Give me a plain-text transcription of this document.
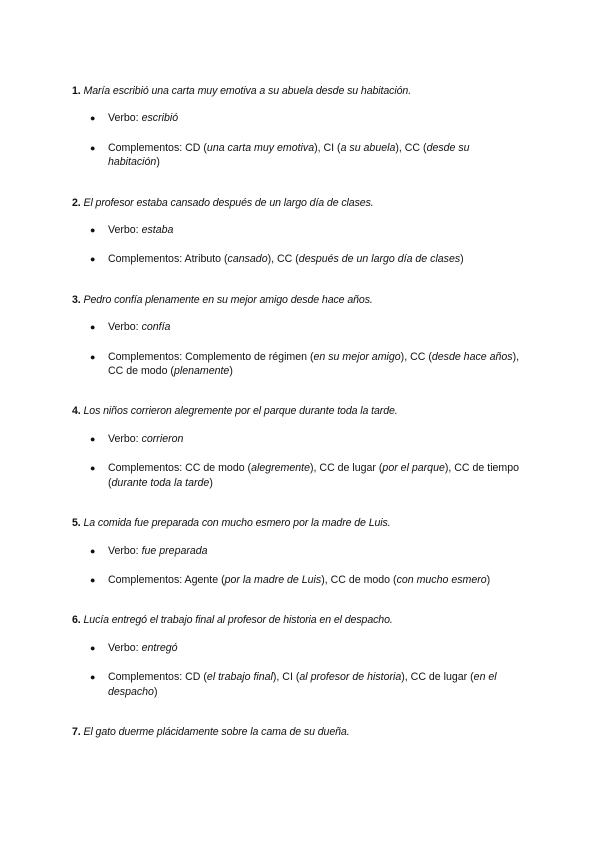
1. María escribió una carta muy emotiva a su abuela desde su habitación.

● Verbo: escribió
● Complementos: CD (una carta muy emotiva), CI (a su abuela), CC (desde su habitación)

2. El profesor estaba cansado después de un largo día de clases.

● Verbo: estaba
● Complementos: Atributo (cansado), CC (después de un largo día de clases)

3. Pedro confía plenamente en su mejor amigo desde hace años.

● Verbo: confía
● Complementos: Complemento de régimen (en su mejor amigo), CC (desde hace años), CC de modo (plenamente)

4. Los niños corrieron alegremente por el parque durante toda la tarde.

● Verbo: corrieron
● Complementos: CC de modo (alegremente), CC de lugar (por el parque), CC de tiempo (durante toda la tarde)

5. La comida fue preparada con mucho esmero por la madre de Luis.

● Verbo: fue preparada
● Complementos: Agente (por la madre de Luis), CC de modo (con mucho esmero)

6. Lucía entregó el trabajo final al profesor de historia en el despacho.

● Verbo: entregó
● Complementos: CD (el trabajo final), CI (al profesor de historia), CC de lugar (en el despacho)

7. El gato duerme plácidamente sobre la cama de su dueña.
